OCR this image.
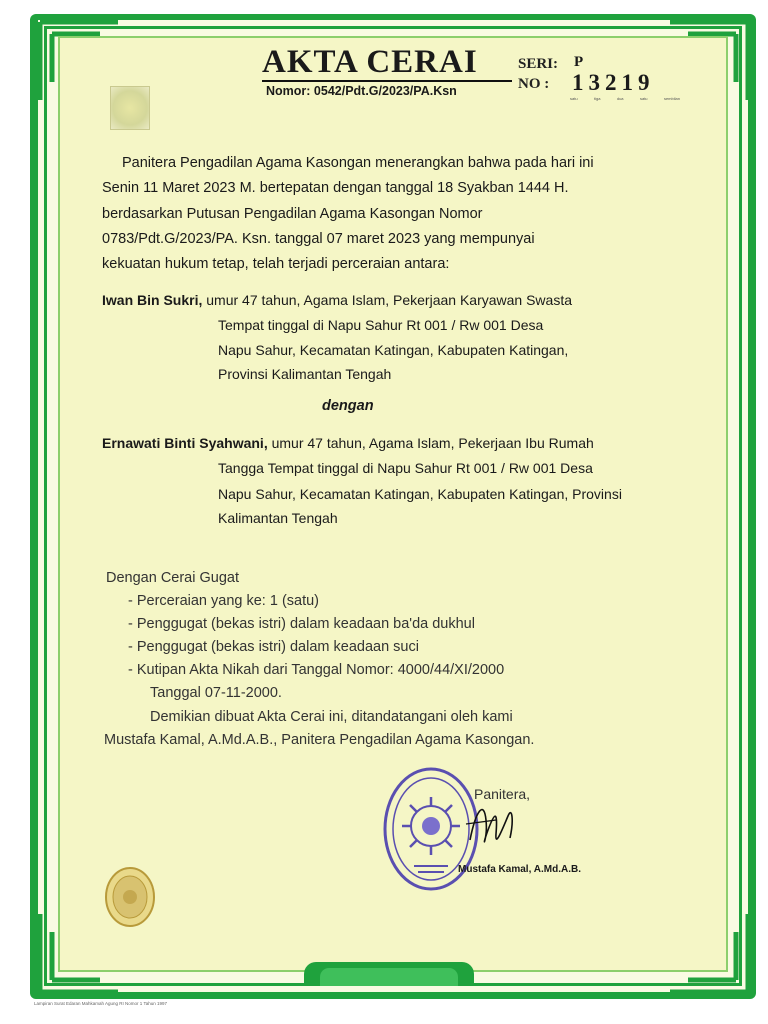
AKTA CERAI
Nomor: 0542/Pdt.G/2023/PA.Ksn
SERI:
NO :
P
13219
satu	tiga	dua	satu	sembilan
Panitera Pengadilan Agama Kasongan menerangkan bahwa pada hari ini
Senin 11 Maret 2023 M. bertepatan dengan tanggal 18 Syakban 1444 H.
berdasarkan Putusan Pengadilan Agama Kasongan Nomor
0783/Pdt.G/2023/PA. Ksn. tanggal 07 maret 2023 yang mempunyai
kekuatan hukum tetap, telah terjadi perceraian antara:
Iwan Bin Sukri, umur 47 tahun, Agama Islam, Pekerjaan Karyawan Swasta
Tempat tinggal di Napu Sahur Rt 001 / Rw 001 Desa
Napu Sahur, Kecamatan Katingan, Kabupaten Katingan,
Provinsi Kalimantan Tengah
dengan
Ernawati Binti Syahwani, umur 47 tahun, Agama Islam, Pekerjaan Ibu Rumah
Tangga Tempat tinggal di Napu Sahur Rt 001 / Rw 001 Desa
Napu Sahur, Kecamatan Katingan, Kabupaten Katingan, Provinsi
Kalimantan Tengah
Dengan Cerai Gugat
- Perceraian yang ke: 1 (satu)
- Penggugat (bekas istri) dalam keadaan ba'da dukhul
- Penggugat (bekas istri) dalam keadaan suci
- Kutipan Akta Nikah dari Tanggal Nomor: 4000/44/XI/2000
Tanggal 07-11-2000.
Demikian dibuat Akta Cerai ini, ditandatangani oleh kami Mustafa Kamal, A.Md.A.B., Panitera Pengadilan Agama Kasongan.
Panitera,
Mustafa Kamal, A.Md.A.B.
Lampiran Surat Edaran Mahkamah Agung RI Nomor 1 Tahun 1997
